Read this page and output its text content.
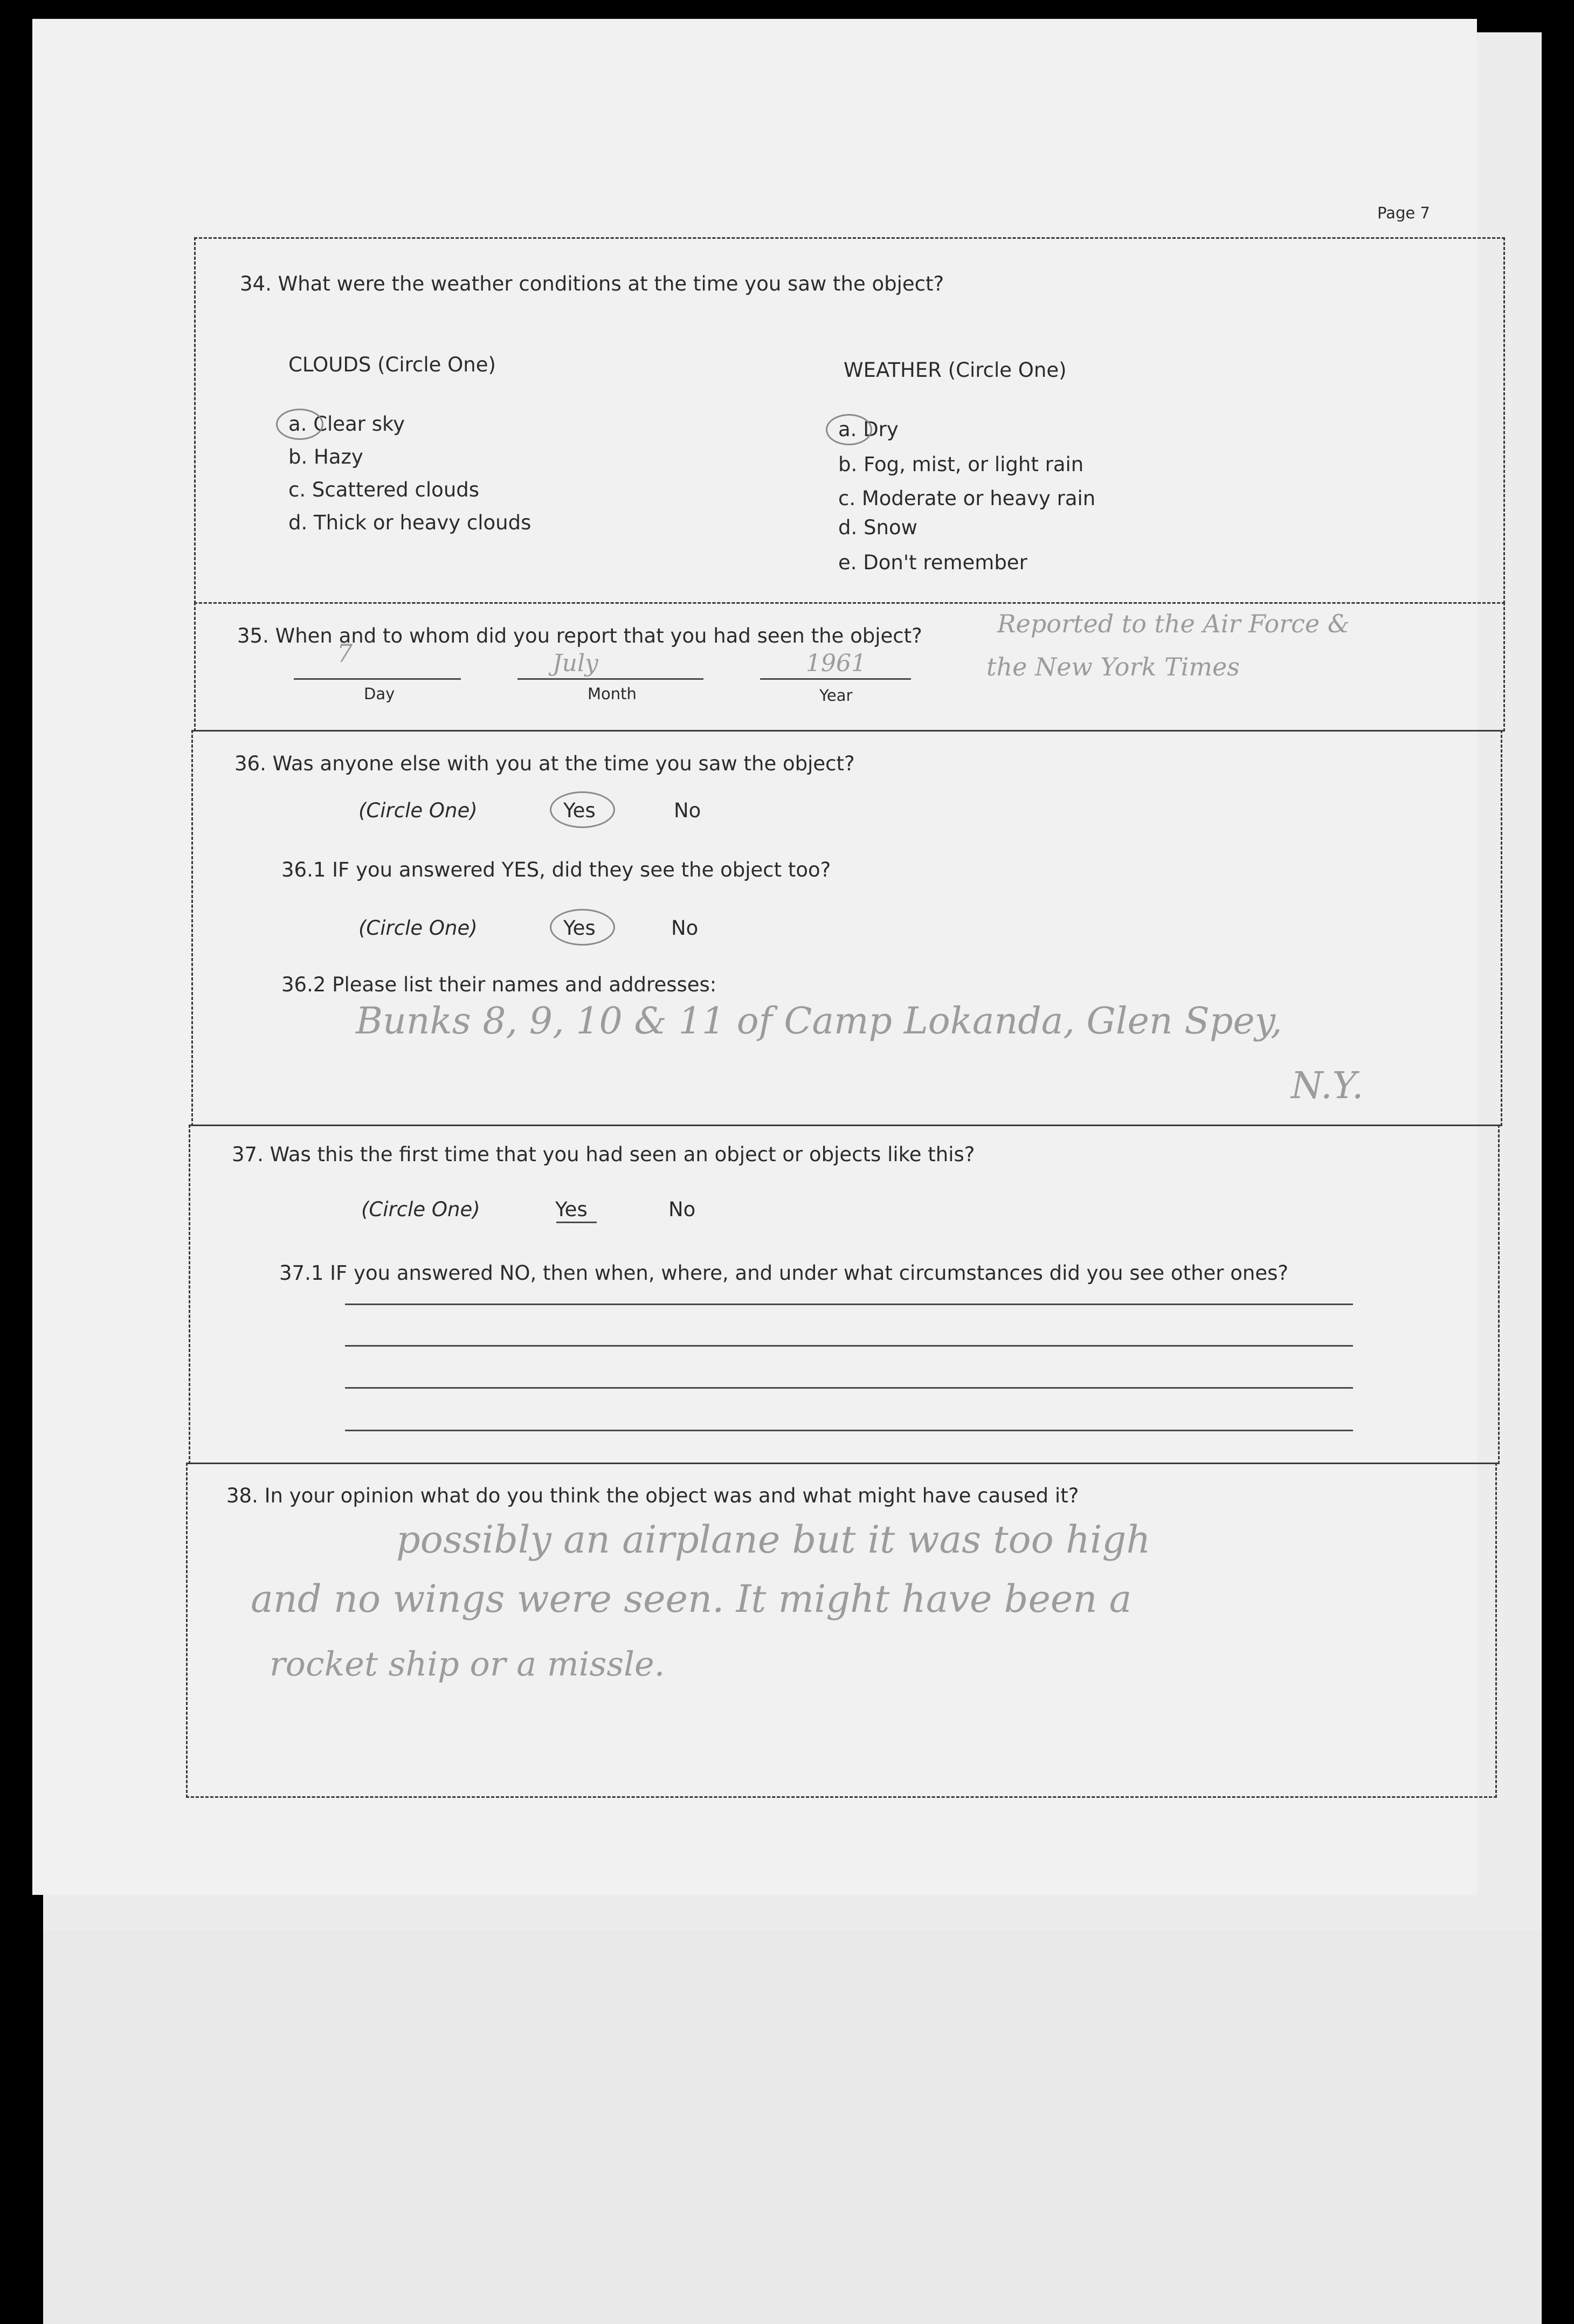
Page 7
34. What were the weather conditions at the time you saw the object?
CLOUDS (Circle One)
a. Clear sky
b. Hazy
c. Scattered clouds
d. Thick or heavy clouds
WEATHER (Circle One)
a. Dry
b. Fog, mist, or light rain
c. Moderate or heavy rain
d. Snow
e. Don't remember
35. When and to whom did you report that you had seen the object?
7	July	1961
Day	Month	Year
Reported to the Air Force &
the New York Times
36. Was anyone else with you at the time you saw the object?
(Circle One)	Yes	No
36.1 IF you answered YES, did they see the object too?
(Circle One)	Yes	No
36.2 Please list their names and addresses:
Bunks 8, 9, 10 & 11 of Camp Lokanda, Glen Spey,
N.Y.
37. Was this the first time that you had seen an object or objects like this?
(Circle One)	Yes	No
37.1 IF you answered NO, then when, where, and under what circumstances did you see other ones?
38. In your opinion what do you think the object was and what might have caused it?
possibly an airplane but it was too high
and no wings were seen. It might have been a
rocket ship or a missle.
